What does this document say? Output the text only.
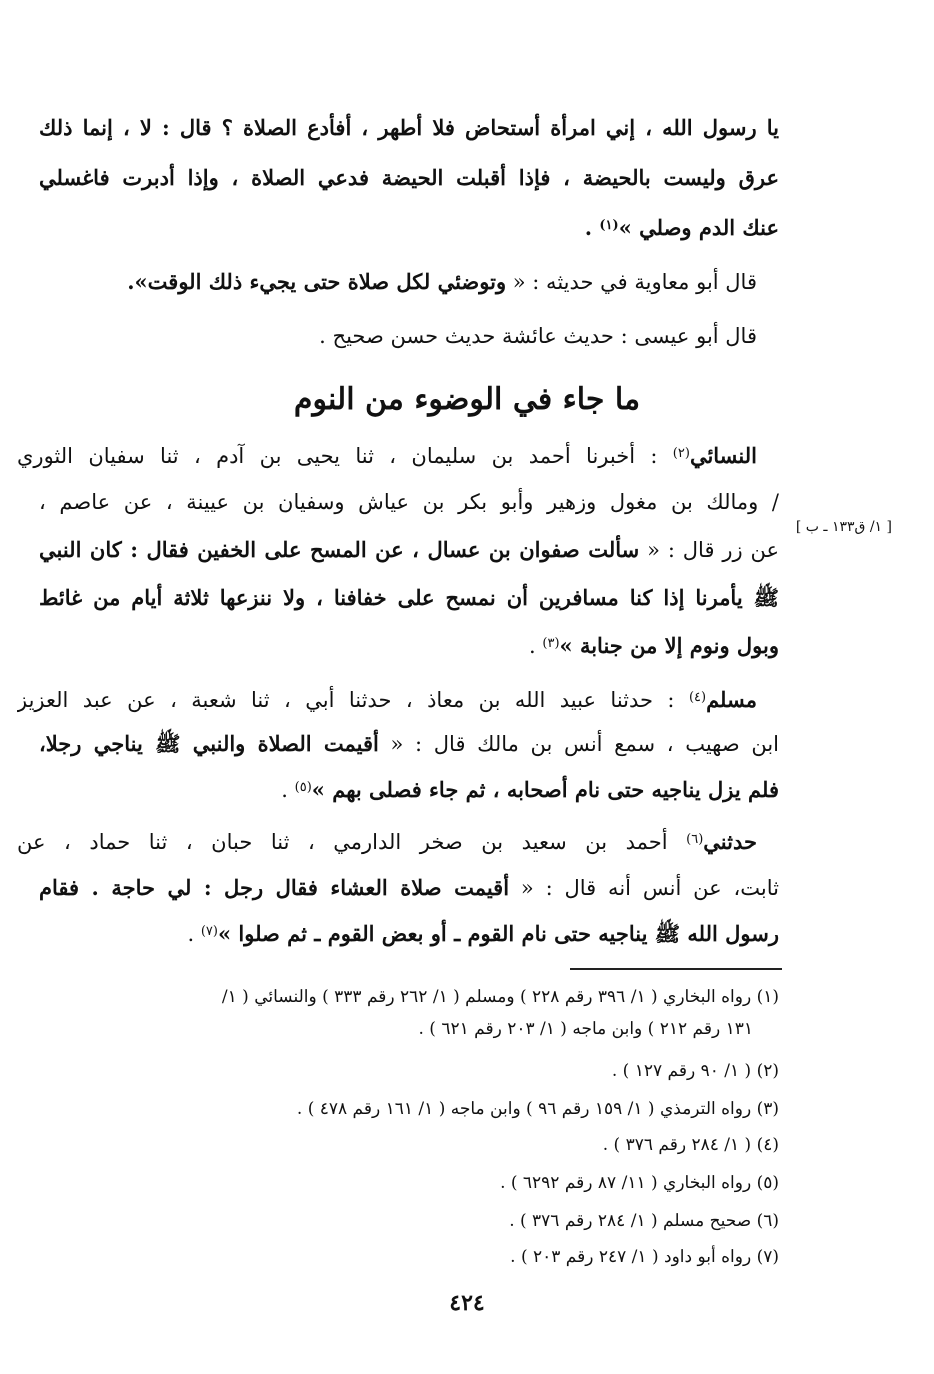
يا رسول الله ، إني امرأة أستحاض فلا أطهر ، أفأدع الصلاة ؟ قال : لا ، إنما ذلك
عرق وليست بالحيضة ، فإذا أقبلت الحيضة فدعي الصلاة ، وإذا أدبرت فاغسلي
عنك الدم وصلي »$^{(١)}$ .
قال أبو معاوية في حديثه : « وتوضئي لكل صلاة حتى يجيء ذلك الوقت».
قال أبو عيسى : حديث عائشة حديث حسن صحيح .
ما جاء في الوضوء من النوم
النسائي$^{(٢)}$ : أخبرنا أحمد بن سليمان ، ثنا يحيى بن آدم ، ثنا سفيان الثوري
/ ومالك بن مغول وزهير وأبو بكر بن عياش وسفيان بن عيينة ، عن عاصم ،
عن زر قال : « سألت صفوان بن عسال ، عن المسح على الخفين فقال : كان النبي
ﷺ يأمرنا إذا كنا مسافرين أن نمسح على خفافنا ، ولا ننزعها ثلاثة أيام من غائط
وبول ونوم إلا من جنابة »$^{(٣)}$ .
[ ١/ ق١٣٣ ـ ب ]
مسلم$^{(٤)}$ : حدثنا عبيد الله بن معاذ ، حدثنا أبي ، ثنا شعبة ، عن عبد العزيز
ابن صهيب ، سمع أنس بن مالك قال : « أقيمت الصلاة والنبي ﷺ يناجي رجلا،
فلم يزل يناجيه حتى نام أصحابه ، ثم جاء فصلى بهم »$^{(٥)}$ .
حدثني$^{(٦)}$ أحمد بن سعيد بن صخر الدارمي ، ثنا حبان ، ثنا حماد ، عن
ثابت، عن أنس أنه قال : « أقيمت صلاة العشاء فقال رجل : لي حاجة . فقام
رسول الله ﷺ يناجيه حتى نام القوم ـ أو بعض القوم ـ ثم صلوا »$^{(٧)}$ .
(١) رواه البخاري ( ١/ ٣٩٦ رقم ٢٢٨ ) ومسلم ( ١/ ٢٦٢ رقم ٣٣٣ ) والنسائي ( ١/
١٣١ رقم ٢١٢ ) وابن ماجه ( ١/ ٢٠٣ رقم ٦٢١ ) .
(٢) ( ١/ ٩٠ رقم ١٢٧ ) .
(٣) رواه الترمذي ( ١/ ١٥٩ رقم ٩٦ ) وابن ماجه ( ١/ ١٦١ رقم ٤٧٨ ) .
(٤) ( ١/ ٢٨٤ رقم ٣٧٦ ) .
(٥) رواه البخاري ( ١١/ ٨٧ رقم ٦٢٩٢ ) .
(٦) صحيح مسلم ( ١/ ٢٨٤ رقم ٣٧٦ ) .
(٧) رواه أبو داود ( ١/ ٢٤٧ رقم ٢٠٣ ) .
٤٢٤
